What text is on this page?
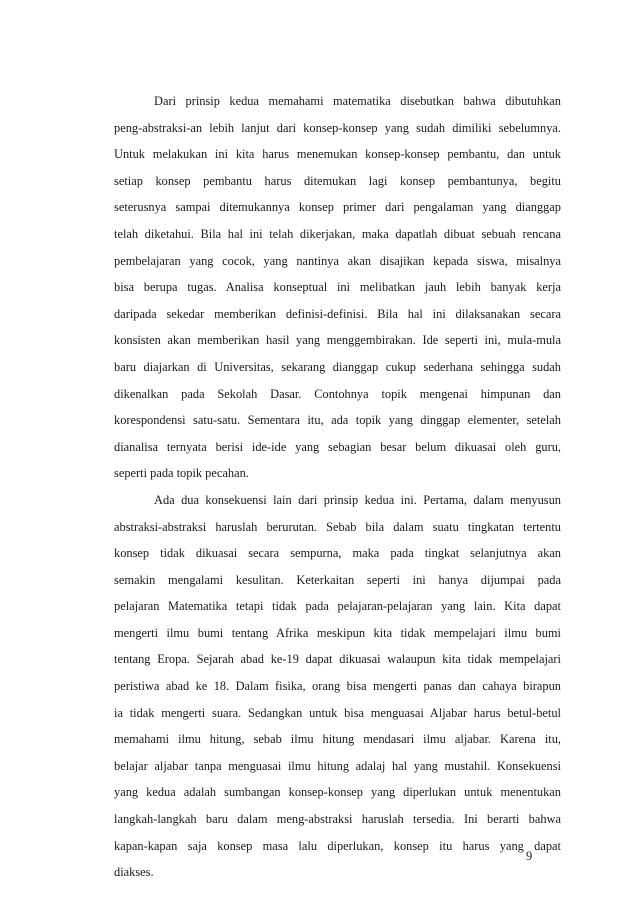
Dari prinsip kedua memahami matematika disebutkan bahwa dibutuhkan
peng-abstraksi-an lebih lanjut dari konsep-konsep yang sudah dimiliki sebelumnya.
Untuk melakukan ini kita harus menemukan konsep-konsep pembantu, dan untuk
setiap konsep pembantu harus ditemukan lagi konsep pembantunya, begitu
seterusnya sampai ditemukannya konsep primer dari pengalaman yang dianggap
telah diketahui. Bila hal ini telah dikerjakan, maka dapatlah dibuat sebuah rencana
pembelajaran yang cocok, yang nantinya akan disajikan kepada siswa, misalnya
bisa berupa tugas. Analisa konseptual ini melibatkan jauh lebih banyak kerja
daripada sekedar memberikan definisi-definisi. Bila hal ini dilaksanakan secara
konsisten akan memberikan hasil yang menggembirakan. Ide seperti ini, mula-mula
baru diajarkan di Universitas, sekarang dianggap cukup sederhana sehingga sudah
dikenalkan pada Sekolah Dasar. Contohnya topik mengenai himpunan dan
korespondensi satu-satu. Sementara itu, ada topik yang dinggap elementer, setelah
dianalisa ternyata berisi ide-ide yang sebagian besar belum dikuasai oleh guru,
seperti pada topik pecahan.
Ada dua konsekuensi lain dari prinsip kedua ini. Pertama, dalam menyusun
abstraksi-abstraksi haruslah berurutan. Sebab bila dalam suatu tingkatan tertentu
konsep tidak dikuasai secara sempurna, maka pada tingkat selanjutnya akan
semakin mengalami kesulitan. Keterkaitan seperti ini hanya dijumpai pada
pelajaran Matematika tetapi tidak pada pelajaran-pelajaran yang lain. Kita dapat
mengerti ilmu bumi tentang Afrika meskipun kita tidak mempelajari ilmu bumi
tentang Eropa. Sejarah abad ke-19 dapat dikuasai walaupun kita tidak mempelajari
peristiwa abad ke 18. Dalam fisika, orang bisa mengerti panas dan cahaya birapun
ia tidak mengerti suara. Sedangkan untuk bisa menguasai Aljabar harus betul-betul
memahami ilmu hitung, sebab ilmu hitung mendasari ilmu aljabar. Karena itu,
belajar aljabar tanpa menguasai ilmu hitung adalaj hal yang mustahil. Konsekuensi
yang kedua adalah sumbangan konsep-konsep yang diperlukan untuk menentukan
langkah-langkah baru dalam meng-abstraksi haruslah tersedia. Ini berarti bahwa
kapan-kapan saja konsep masa lalu diperlukan, konsep itu harus yang dapat
diakses.
9
